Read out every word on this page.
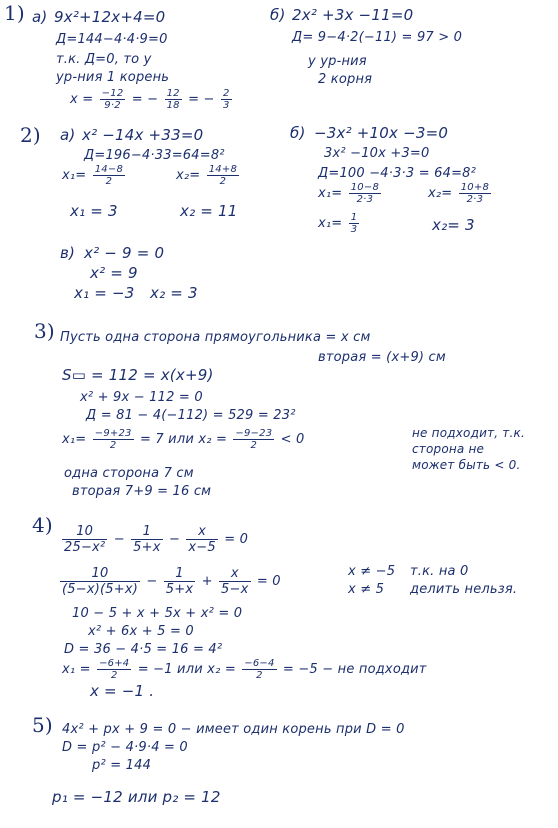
1) а) 9x²+12x+4=0
Д=144−4·4·9=0
т.к. Д=0, то у
ур-ния 1 корень
$x = \frac{-12}{9\cdot 2}$ = − $\frac{12}{18}$ = − $\frac{2}{3}$
б) 2x² +3x −11=0
Д= 9−4·2(−11) = 97 > 0
у ур-ния
2 корня
2) а) x² −14x +33=0
Д=196−4·33=64=8²
$x_1= \frac{14-8}{2}$	$x_2= \frac{14+8}{2}$
x₁ = 3	x₂ = 11
б) −3x² +10x −3=0
3x² −10x +3=0
Д=100 −4·3·3 = 64=8²
$x_1= \frac{10-8}{2\cdot 3}$	$x_2= \frac{10+8}{2\cdot 3}$
$x_1= \frac{1}{3}$	x₂= 3
в) x² − 9 = 0
x² = 9
x₁ = −3 x₂ = 3
3) Пусть одна сторона прямоугольника = x см
вторая = (x+9) см
S▭ = 112 = x(x+9)
x² + 9x − 112 = 0
Д = 81 − 4(−112) = 529 = 23²
$x_1= \frac{-9+23}{2} = 7$ или $x_2 = \frac{-9-23}{2} < 0$	не подходит, т.к.
сторона не
может быть < 0.
одна сторона 7 см
вторая 7+9 = 16 см
$4) \frac{10}{\text{25−x²}} - \frac{1}{5+x} - \frac{x}{x-5} = 0$
$\frac{10}{(5-x)(5+x)} - \frac{1}{5+x} + \frac{x}{5-x} = 0$
x ≠ −5
x ≠ 5
т.к. на 0
делить нельзя.
10 − 5 + x + 5x + x² = 0
x² + 6x + 5 = 0
D = 36 − 4·5 = 16 = 4²
$x_1 = \frac{-6+4}{2} = -1$ или $x_2 = \frac{-6-4}{2} = -5$ − не подходит
x = −1 .
5) 4x² + px + 9 = 0 − имеет один корень при D = 0
D = p² − 4·9·4 = 0
p² = 144
p₁ = −12 или p₂ = 12
